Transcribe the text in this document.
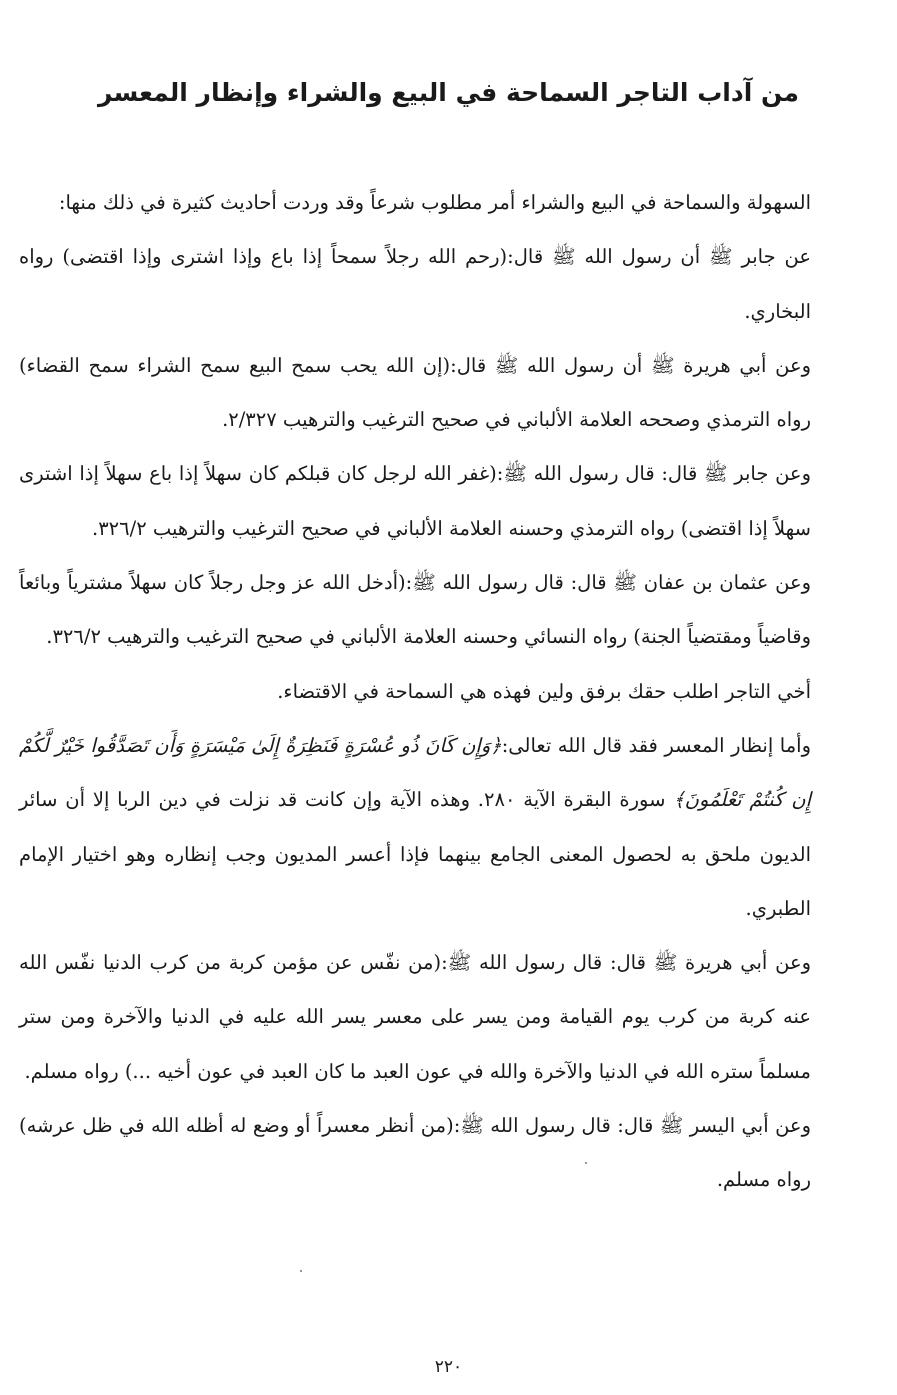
من آداب التاجر السماحة في البيع والشراء وإنظار المعسر

السهولة والسماحة في البيع والشراء أمر مطلوب شرعاً وقد وردت أحاديث كثيرة في ذلك منها:

عن جابر ﷺ أن رسول الله ﷺ قال:(رحم الله رجلاً سمحاً إذا باع وإذا اشترى وإذا اقتضى) رواه البخاري.

وعن أبي هريرة ﷺ أن رسول الله ﷺ قال:(إن الله يحب سمح البيع سمح الشراء سمح القضاء) رواه الترمذي وصححه العلامة الألباني في صحيح الترغيب والترهيب ٢/٣٢٧.

وعن جابر ﷺ قال: قال رسول الله ﷺ:(غفر الله لرجل كان قبلكم كان سهلاً إذا باع سهلاً إذا اشترى سهلاً إذا اقتضى) رواه الترمذي وحسنه العلامة الألباني في صحيح الترغيب والترهيب ٣٢٦/٢.

وعن عثمان بن عفان ﷺ قال: قال رسول الله ﷺ:(أدخل الله عز وجل رجلاً كان سهلاً مشترياً وبائعاً وقاضياً ومقتضياً الجنة) رواه النسائي وحسنه العلامة الألباني في صحيح الترغيب والترهيب ٣٢٦/٢.

أخي التاجر اطلب حقك برفق ولين فهذه هي السماحة في الاقتضاء.

وأما إنظار المعسر فقد قال الله تعالى:﴿وَإِن كَانَ ذُو عُسْرَةٍ فَنَظِرَةٌ إِلَىٰ مَيْسَرَةٍ وَأَن تَصَدَّقُوا خَيْرٌ لَّكُمْ إِن كُنتُمْ تَعْلَمُونَ﴾ سورة البقرة الآية ٢٨٠. وهذه الآية وإن كانت قد نزلت في دين الربا إلا أن سائر الديون ملحق به لحصول المعنى الجامع بينهما فإذا أعسر المديون وجب إنظاره وهو اختيار الإمام الطبري.

وعن أبي هريرة ﷺ قال: قال رسول الله ﷺ:(من نفّس عن مؤمن كربة من كرب الدنيا نفّس الله عنه كربة من كرب يوم القيامة ومن يسر على معسر يسر الله عليه في الدنيا والآخرة ومن ستر مسلماً ستره الله في الدنيا والآخرة والله في عون العبد ما كان العبد في عون أخيه ...) رواه مسلم.

وعن أبي اليسر ﷺ قال: قال رسول الله ﷺ:(من أنظر معسراً أو وضع له أظله الله في ظل عرشه) رواه مسلم.

٢٢٠
